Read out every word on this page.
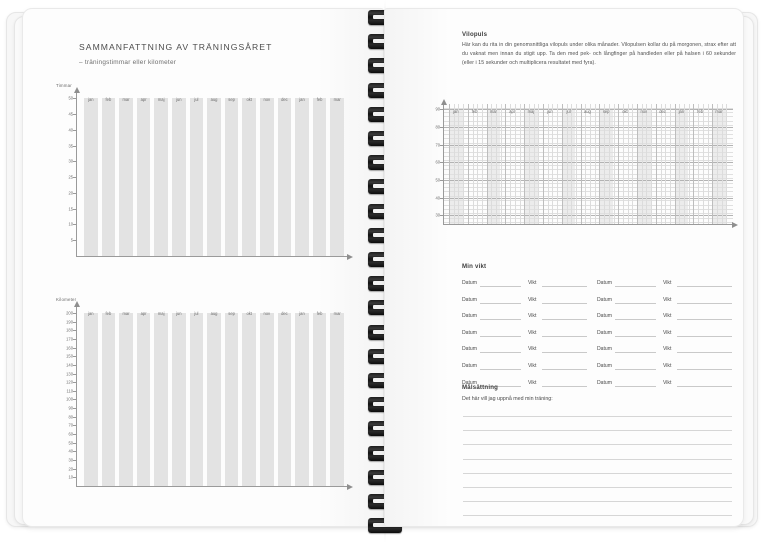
SAMMANFATTNING AV TRÄNINGSÅRET
– träningstimmar eller kilometer
Timmar
5
10
15
20
25
30
35
40
45
50	jan	feb	mar	apr	maj	jun	jul	aug	sep	okt	nov	dec	jan	feb	mar
Kilometer
10
20
30
40
50
60
70
80
90
100
110
120
130
140
150
160
170
180
190
200	jan	feb	mar	apr	maj	jun	jul	aug	sep	okt	nov	dec	jan	feb	mar
Vilopuls
Här kan du rita in din genomsnittliga vilopuls under olika månader. Vilopulsen kollar du på morgonen, strax efter att du vaknat men innan du stigit upp. Ta den med pek- och långfinger på handleden eller på halsen i 60 sekunder (eller i 15 sekunder och multiplicera resultatet med fyra).
30
40
50
60
70
80
90	jan	feb	mar	apr	maj	jun	jul	aug	sep	okt	nov	dec	jan	feb	mar
Min vikt
Datum	Vikt	Datum	Vikt
Datum	Vikt	Datum	Vikt
Datum	Vikt	Datum	Vikt
Datum	Vikt	Datum	Vikt
Datum	Vikt	Datum	Vikt
Datum	Vikt	Datum	Vikt
Datum	Vikt	Datum	Vikt
Målsättning
Det här vill jag uppnå med min träning:
